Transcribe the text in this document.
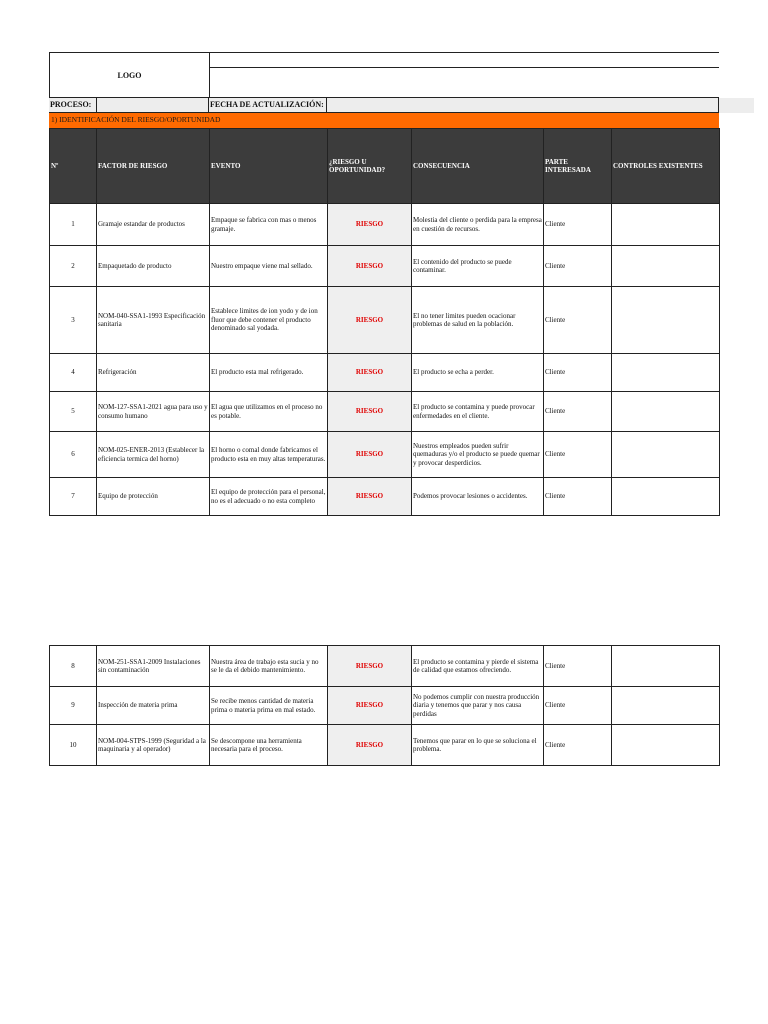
LOGO
PROCESO:	FECHA DE ACTUALIZACIÓN:
1) IDENTIFICACIÓN DEL RIESGO/OPORTUNIDAD
Nº	FACTOR DE RIESGO	EVENTO	¿RIESGO U OPORTUNIDAD?	CONSECUENCIA	PARTE INTERESADA	CONTROLES EXISTENTES
1	Gramaje estandar de productos	Empaque se fabrica con mas o menos gramaje.	RIESGO	Molestia del cliente o perdida para la empresa en cuestión de recursos.	Cliente	
2	Empaquetado de producto	Nuestro empaque viene mal sellado.	RIESGO	El contenido del producto se puede contaminar.	Cliente	
3	NOM-040-SSA1-1993 Especificación sanitaria	Establece limites de ion yodo y de ion fluor que debe contener el producto denominado sal yodada.	RIESGO	El no tener limites pueden ocacionar problemas de salud en la población.	Cliente	
4	Refrigeración	El producto esta mal refrigerado.	RIESGO	El producto se echa a perder.	Cliente	
5	NOM-127-SSA1-2021 agua para uso y consumo humano	El agua que utilizamos en el proceso no es potable.	RIESGO	El producto se contamina y puede provocar enfermedades en el cliente.	Cliente	
6	NOM-025-ENER-2013 (Establecer la eficiencia termica del horno)	El horno o comal donde fabricamos el producto esta en muy altas temperaturas.	RIESGO	Nuestros empleados pueden sufrir quemaduras y/o el producto se puede quemar y provocar desperdicios.	Cliente	
7	Equipo de protección	El equipo de protección para el personal, no es el adecuado o no esta completo	RIESGO	Podemos provocar lesiones o accidentes.	Cliente	
8	NOM-251-SSA1-2009 Instalaciones sin contaminación	Nuestra área de trabajo esta sucia y no se le da el debido mantenimiento.	RIESGO	El producto se contamina y pierde el sistema de calidad que estamos ofreciendo.	Cliente	
9	Inspección de materia prima	Se recibe menos cantidad de materia prima o materia prima en mal estado.	RIESGO	No podemos cumplir con nuestra producción diaria y tenemos que parar y nos causa perdidas	Cliente	
10	NOM-004-STPS-1999 (Seguridad a la maquinaria y al operador)	Se descompone una herramienta necesaria para el proceso.	RIESGO	Tenemos que parar en lo que se soluciona el problema.	Cliente	
